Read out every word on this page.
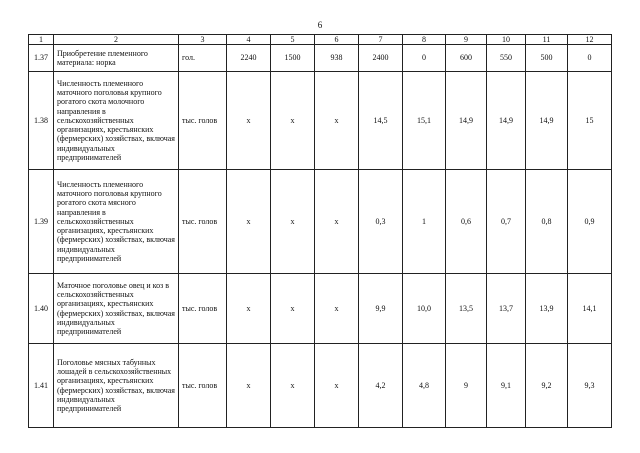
6
1	2	3	4	5	6	7	8	9	10	11	12
1.37	Приобретение племенного материала: норка	гол.	2240	1500	938	2400	0	600	550	500	0
1.38	Численность племенного маточного поголовья крупного рогатого скота молочного направления в сельскохозяйственных организациях, крестьянских (фермерских) хозяйствах, включая индивидуальных предпринимателей	тыс. голов	х	х	х	14,5	15,1	14,9	14,9	14,9	15
1.39	Численность племенного маточного поголовья крупного рогатого скота мясного направления в сельскохозяйственных организациях, крестьянских (фермерских) хозяйствах, включая индивидуальных предпринимателей	тыс. голов	х	х	х	0,3	1	0,6	0,7	0,8	0,9
1.40	Маточное поголовье овец и коз в сельскохозяйственных организациях, крестьянских (фермерских) хозяйствах, включая индивидуальных предпринимателей	тыс. голов	х	х	х	9,9	10,0	13,5	13,7	13,9	14,1
1.41	Поголовье мясных табунных лошадей в сельскохозяйственных организациях, крестьянских (фермерских) хозяйствах, включая индивидуальных предпринимателей	тыс. голов	х	х	х	4,2	4,8	9	9,1	9,2	9,3
